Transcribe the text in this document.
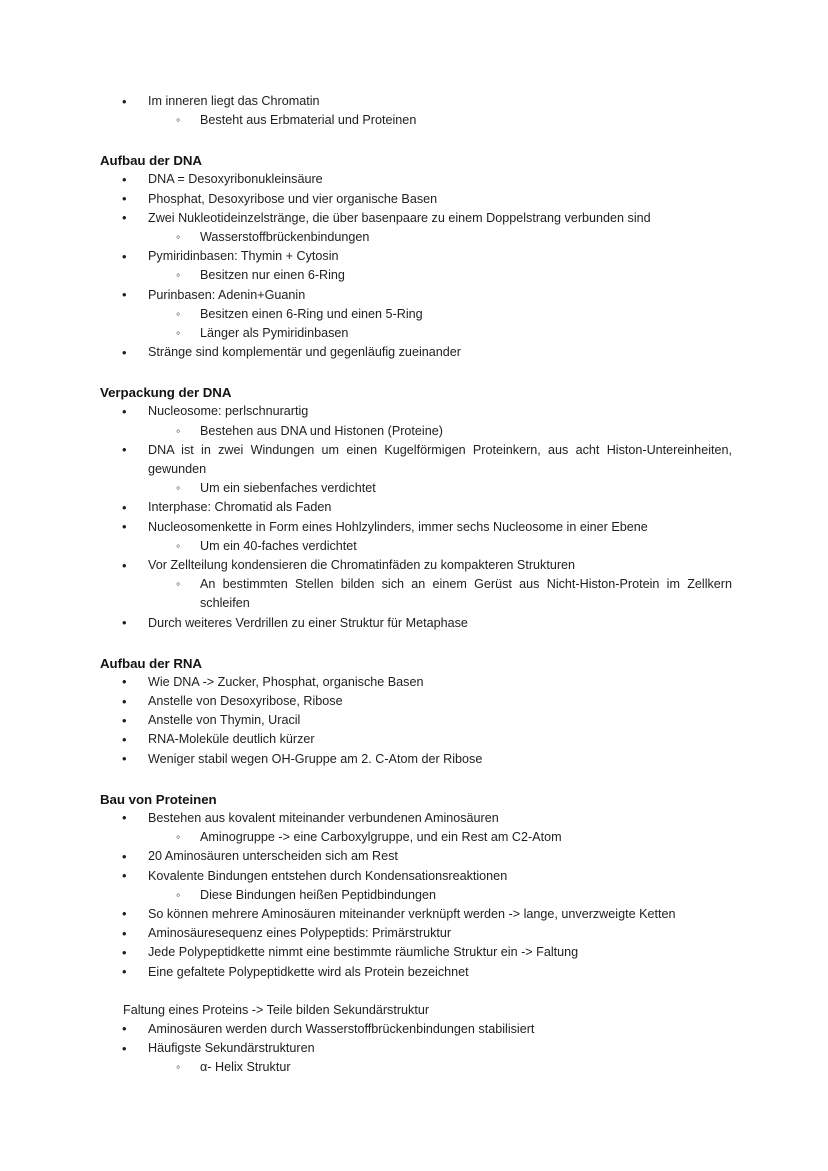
• Im inneren liegt das Chromatin
◦ Besteht aus Erbmaterial und Proteinen
Aufbau der DNA
• DNA = Desoxyribonukleinsäure
• Phosphat, Desoxyribose und vier organische Basen
• Zwei Nukleotideinzelstränge, die über basenpaare zu einem Doppelstrang verbunden sind
◦ Wasserstoffbrückenbindungen
• Pymiridinbasen: Thymin + Cytosin
◦ Besitzen nur einen 6-Ring
• Purinbasen: Adenin+Guanin
◦ Besitzen einen 6-Ring und einen 5-Ring
◦ Länger als Pymiridinbasen
• Stränge sind komplementär und gegenläufig zueinander
Verpackung der DNA
• Nucleosome: perlschnurartig
◦ Bestehen aus DNA und Histonen (Proteine)
• DNA ist in zwei Windungen um einen Kugelförmigen Proteinkern, aus acht Histon-Untereinheiten, gewunden
◦ Um ein siebenfaches verdichtet
• Interphase: Chromatid als Faden
• Nucleosomenkette in Form eines Hohlzylinders, immer sechs Nucleosome in einer Ebene
◦ Um ein 40-faches verdichtet
• Vor Zellteilung kondensieren die Chromatinfäden zu kompakteren Strukturen
◦ An bestimmten Stellen bilden sich an einem Gerüst aus Nicht-Histon-Protein im Zellkern schleifen
• Durch weiteres Verdrillen zu einer Struktur für Metaphase
Aufbau der RNA
• Wie DNA -> Zucker, Phosphat, organische Basen
• Anstelle von Desoxyribose, Ribose
• Anstelle von Thymin, Uracil
• RNA-Moleküle deutlich kürzer
• Weniger stabil wegen OH-Gruppe am 2. C-Atom der Ribose
Bau von Proteinen
• Bestehen aus kovalent miteinander verbundenen Aminosäuren
◦ Aminogruppe -> eine Carboxylgruppe, und ein Rest am C2-Atom
• 20 Aminosäuren unterscheiden sich am Rest
• Kovalente Bindungen entstehen durch Kondensationsreaktionen
◦ Diese Bindungen heißen Peptidbindungen
• So können mehrere Aminosäuren miteinander verknüpft werden -> lange, unverzweigte Ketten
• Aminosäuresequenz eines Polypeptids: Primärstruktur
• Jede Polypeptidkette nimmt eine bestimmte räumliche Struktur ein -> Faltung
• Eine gefaltete Polypeptidkette wird als Protein bezeichnet

Faltung eines Proteins -> Teile bilden Sekundärstruktur

• Aminosäuren werden durch Wasserstoffbrückenbindungen stabilisiert
• Häufigste Sekundärstrukturen
◦ α- Helix Struktur
